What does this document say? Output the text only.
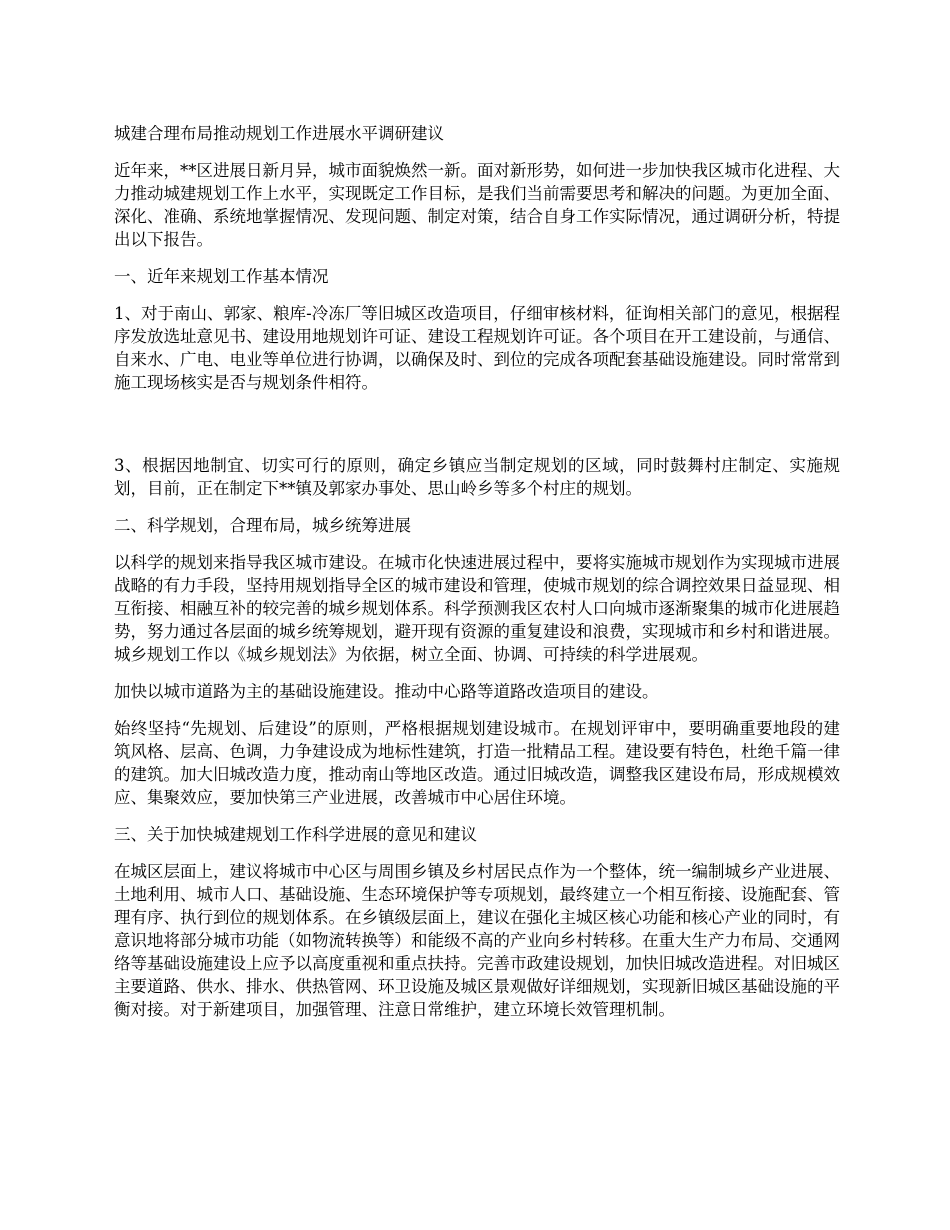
城建合理布局推动规划工作进展水平调研建议

近年来，**区进展日新月异，城市面貌焕然一新。面对新形势，如何进一步加快我区城市化进程、大力推动城建规划工作上水平，实现既定工作目标，是我们当前需要思考和解决的问题。为更加全面、深化、准确、系统地掌握情况、发现问题、制定对策，结合自身工作实际情况，通过调研分析，特提出以下报告。

一、近年来规划工作基本情况

1、对于南山、郭家、粮库-冷冻厂等旧城区改造项目，仔细审核材料，征询相关部门的意见，根据程序发放选址意见书、建设用地规划许可证、建设工程规划许可证。各个项目在开工建设前，与通信、自来水、广电、电业等单位进行协调，以确保及时、到位的完成各项配套基础设施建设。同时常常到施工现场核实是否与规划条件相符。

3、根据因地制宜、切实可行的原则，确定乡镇应当制定规划的区域，同时鼓舞村庄制定、实施规划，目前，正在制定下**镇及郭家办事处、思山岭乡等多个村庄的规划。

二、科学规划，合理布局，城乡统筹进展

以科学的规划来指导我区城市建设。在城市化快速进展过程中，要将实施城市规划作为实现城市进展战略的有力手段，坚持用规划指导全区的城市建设和管理，使城市规划的综合调控效果日益显现、相互衔接、相融互补的较完善的城乡规划体系。科学预测我区农村人口向城市逐渐聚集的城市化进展趋势，努力通过各层面的城乡统筹规划，避开现有资源的重复建设和浪费，实现城市和乡村和谐进展。城乡规划工作以《城乡规划法》为依据，树立全面、协调、可持续的科学进展观。

加快以城市道路为主的基础设施建设。推动中心路等道路改造项目的建设。

始终坚持“先规划、后建设”的原则，严格根据规划建设城市。在规划评审中，要明确重要地段的建筑风格、层高、色调，力争建设成为地标性建筑，打造一批精品工程。建设要有特色，杜绝千篇一律的建筑。加大旧城改造力度，推动南山等地区改造。通过旧城改造，调整我区建设布局，形成规模效应、集聚效应，要加快第三产业进展，改善城市中心居住环境。

三、关于加快城建规划工作科学进展的意见和建议

在城区层面上，建议将城市中心区与周围乡镇及乡村居民点作为一个整体，统一编制城乡产业进展、土地利用、城市人口、基础设施、生态环境保护等专项规划，最终建立一个相互衔接、设施配套、管理有序、执行到位的规划体系。在乡镇级层面上，建议在强化主城区核心功能和核心产业的同时，有意识地将部分城市功能（如物流转换等）和能级不高的产业向乡村转移。在重大生产力布局、交通网络等基础设施建设上应予以高度重视和重点扶持。完善市政建设规划，加快旧城改造进程。对旧城区主要道路、供水、排水、供热管网、环卫设施及城区景观做好详细规划，实现新旧城区基础设施的平衡对接。对于新建项目，加强管理、注意日常维护，建立环境长效管理机制。
